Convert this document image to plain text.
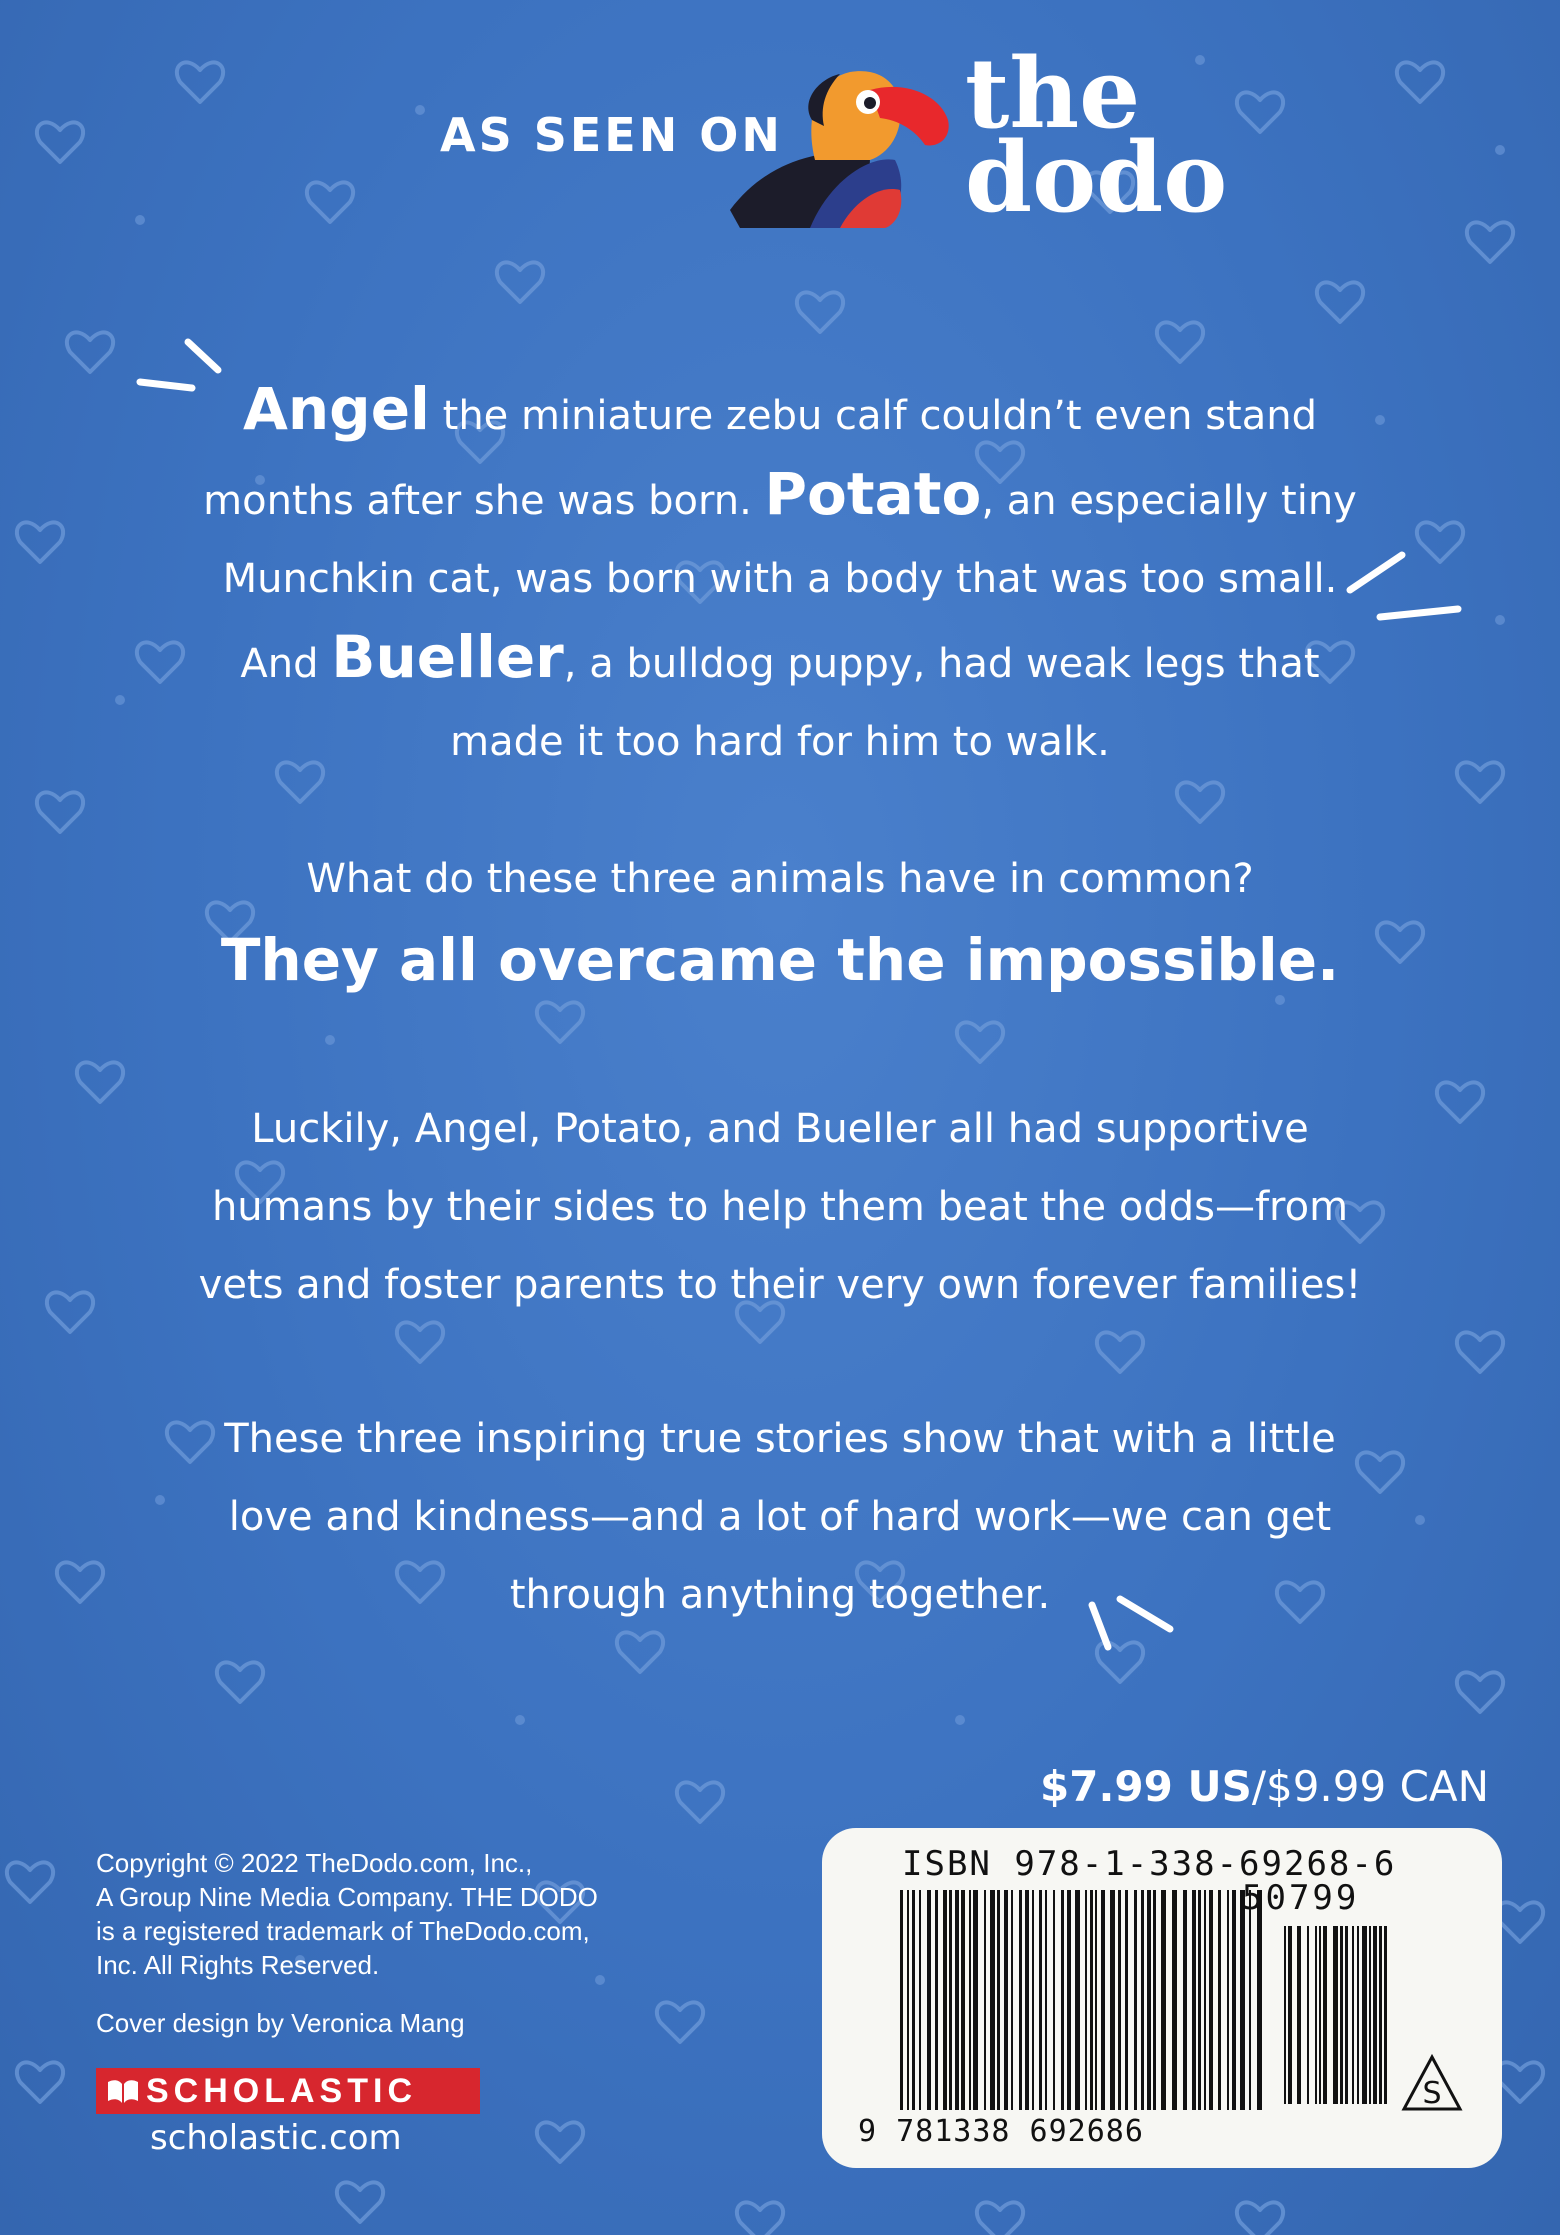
AS SEEN ON the
dodo
Angel the miniature zebu calf couldn’t even stand
months after she was born. Potato, an especially tiny
Munchkin cat, was born with a body that was too small.
And Bueller, a bulldog puppy, had weak legs that
made it too hard for him to walk.
What do these three animals have in common?
They all overcame the impossible.
Luckily, Angel, Potato, and Bueller all had supportive
humans by their sides to help them beat the odds—from
vets and foster parents to their very own forever families!
These three inspiring true stories show that with a little
love and kindness—and a lot of hard work—we can get
through anything together.
$7.99 US/$9.99 CAN
Copyright © 2022 TheDodo.com, Inc.,
A Group Nine Media Company. THE DODO
is a registered trademark of TheDodo.com,
Inc. All Rights Reserved.
Cover design by Veronica Mang
SCHOLASTIC
scholastic.com
ISBN 978-1-338-69268-6
50799
9 781338 692686
S
